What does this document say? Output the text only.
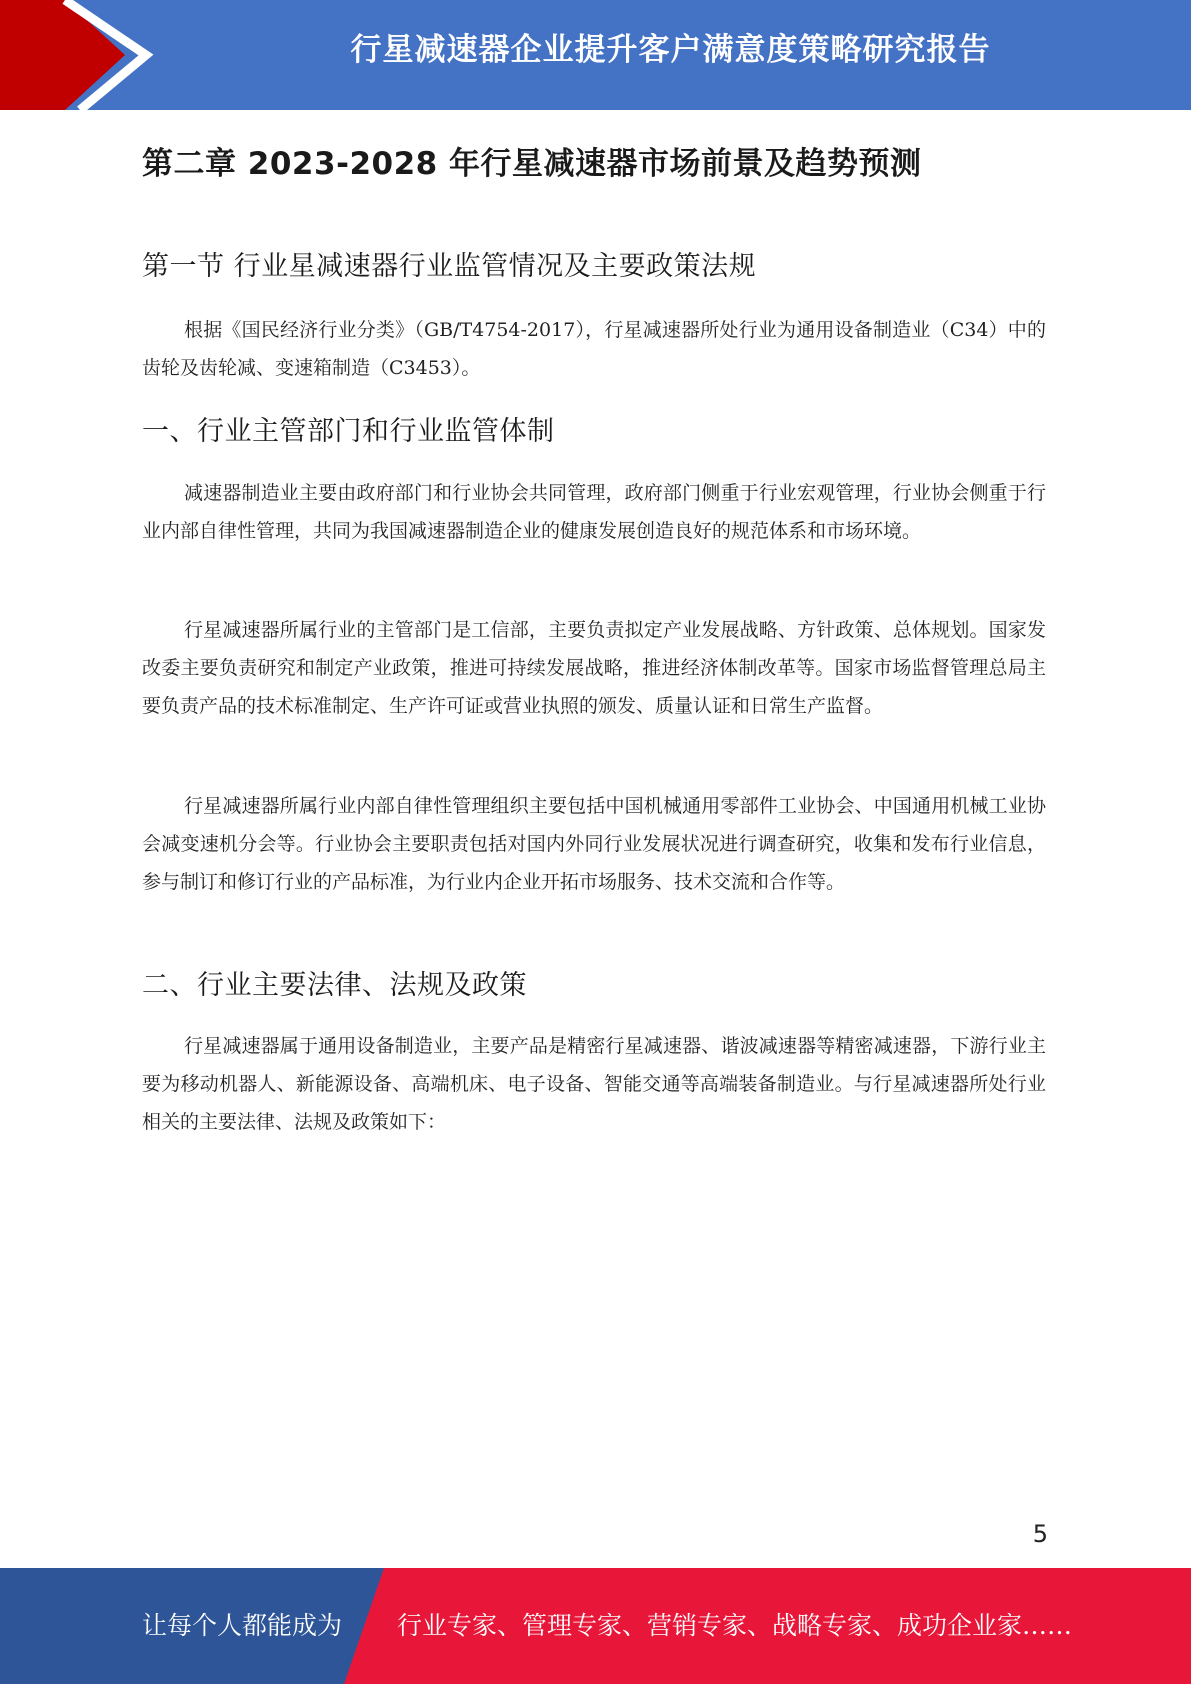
行星减速器企业提升客户满意度策略研究报告
第二章 2023-2028 年行星减速器市场前景及趋势预测
第一节 行业星减速器行业监管情况及主要政策法规
根据《国民经济行业分类》（GB/T4754-2017），行星减速器所处行业为通用设备制造业（C34）中的齿轮及齿轮减、变速箱制造（C3453）。
一、行业主管部门和行业监管体制
减速器制造业主要由政府部门和行业协会共同管理，政府部门侧重于行业宏观管理，行业协会侧重于行业内部自律性管理，共同为我国减速器制造企业的健康发展创造良好的规范体系和市场环境。
行星减速器所属行业的主管部门是工信部，主要负责拟定产业发展战略、方针政策、总体规划。国家发改委主要负责研究和制定产业政策，推进可持续发展战略，推进经济体制改革等。国家市场监督管理总局主要负责产品的技术标准制定、生产许可证或营业执照的颁发、质量认证和日常生产监督。
行星减速器所属行业内部自律性管理组织主要包括中国机械通用零部件工业协会、中国通用机械工业协会减变速机分会等。行业协会主要职责包括对国内外同行业发展状况进行调查研究，收集和发布行业信息，参与制订和修订行业的产品标准，为行业内企业开拓市场服务、技术交流和合作等。
二、行业主要法律、法规及政策
行星减速器属于通用设备制造业，主要产品是精密行星减速器、谐波减速器等精密减速器，下游行业主要为移动机器人、新能源设备、高端机床、电子设备、智能交通等高端装备制造业。与行星减速器所处行业相关的主要法律、法规及政策如下：
5
让每个人都能成为 行业专家、管理专家、营销专家、战略专家、成功企业家……
